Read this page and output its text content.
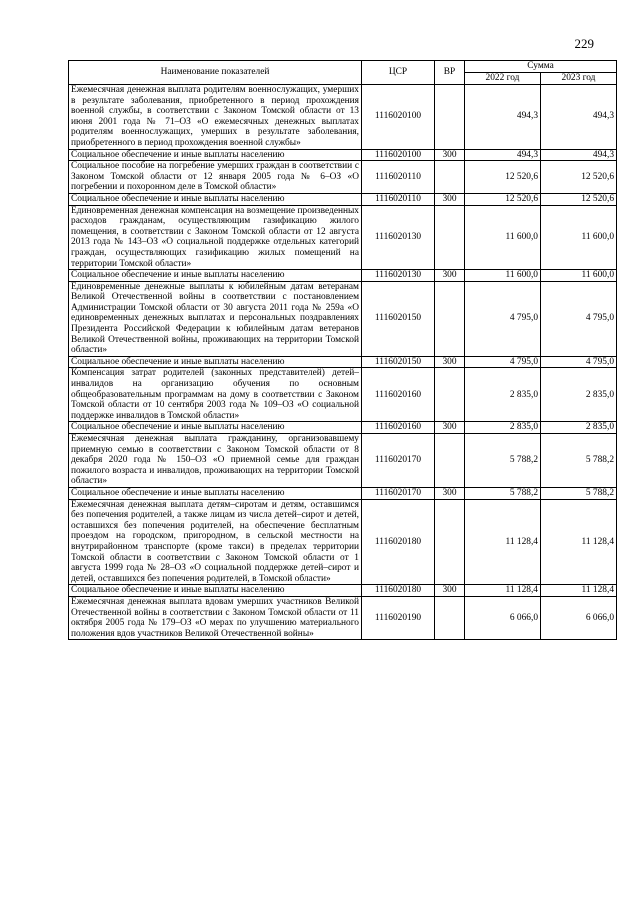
229
Наименование показателей	ЦСР	ВР	Сумма	
			2022 год	2023 год
Ежемесячная денежная выплата родителям военнослужащих, умерших в результате заболевания, приобретенного в период прохождения военной службы, в соответствии с Законом Томской области от 13 июня 2001 года № 71–ОЗ «О ежемесячных денежных выплатах родителям военнослужащих, умерших в результате заболевания, приобретенного в период прохождения военной службы»	1116020100		494,3	494,3
Социальное обеспечение и иные выплаты населению	1116020100	300	494,3	494,3
Социальное пособие на погребение умерших граждан в соответствии с Законом Томской области от 12 января 2005 года № 6–ОЗ «О погребении и похоронном деле в Томской области»	1116020110		12 520,6	12 520,6
Социальное обеспечение и иные выплаты населению	1116020110	300	12 520,6	12 520,6
Единовременная денежная компенсация на возмещение произведенных расходов гражданам, осуществляющим газификацию жилого помещения, в соответствии с Законом Томской области от 12 августа 2013 года № 143–ОЗ «О социальной поддержке отдельных категорий граждан, осуществляющих газификацию жилых помещений на территории Томской области»	1116020130		11 600,0	11 600,0
Социальное обеспечение и иные выплаты населению	1116020130	300	11 600,0	11 600,0
Единовременные денежные выплаты к юбилейным датам ветеранам Великой Отечественной войны в соответствии с постановлением Администрации Томской области от 30 августа 2011 года № 259а «О единовременных денежных выплатах и персональных поздравлениях Президента Российской Федерации к юбилейным датам ветеранов Великой Отечественной войны, проживающих на территории Томской области»	1116020150		4 795,0	4 795,0
Социальное обеспечение и иные выплаты населению	1116020150	300	4 795,0	4 795,0
Компенсация затрат родителей (законных представителей) детей–инвалидов на организацию обучения по основным общеобразовательным программам на дому в соответствии с Законом Томской области от 10 сентября 2003 года № 109–ОЗ «О социальной поддержке инвалидов в Томской области»	1116020160		2 835,0	2 835,0
Социальное обеспечение и иные выплаты населению	1116020160	300	2 835,0	2 835,0
Ежемесячная денежная выплата гражданину, организовавшему приемную семью в соответствии с Законом Томской области от 8 декабря 2020 года № 150–ОЗ «О приемной семье для граждан пожилого возраста и инвалидов, проживающих на территории Томской области»	1116020170		5 788,2	5 788,2
Социальное обеспечение и иные выплаты населению	1116020170	300	5 788,2	5 788,2
Ежемесячная денежная выплата детям–сиротам и детям, оставшимся без попечения родителей, а также лицам из числа детей–сирот и детей, оставшихся без попечения родителей, на обеспечение бесплатным проездом на городском, пригородном, в сельской местности на внутрирайонном транспорте (кроме такси) в пределах территории Томской области в соответствии с Законом Томской области от 1 августа 1999 года № 28–ОЗ «О социальной поддержке детей–сирот и детей, оставшихся без попечения родителей, в Томской области»	1116020180		11 128,4	11 128,4
Социальное обеспечение и иные выплаты населению	1116020180	300	11 128,4	11 128,4
Ежемесячная денежная выплата вдовам умерших участников Великой Отечественной войны в соответствии с Законом Томской области от 11 октября 2005 года № 179–ОЗ «О мерах по улучшению материального положения вдов участников Великой Отечественной войны»	1116020190		6 066,0	6 066,0
